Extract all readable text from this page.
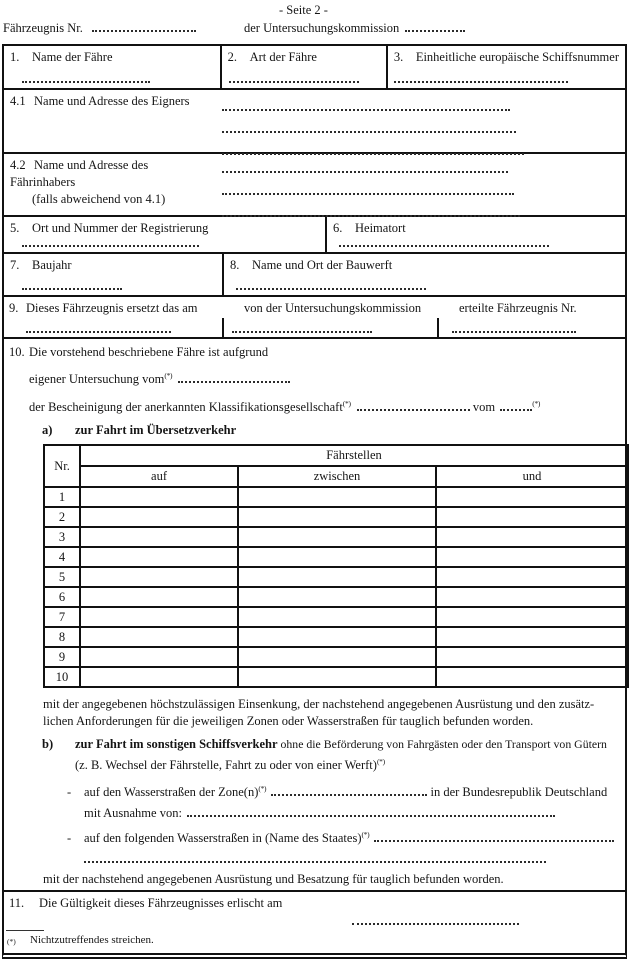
- Seite 2 -
Fährzeugnis Nr.	der Untersuchungskommission
1. Name der Fähre	2. Art der Fähre	3. Einheitliche europäische Schiffsnummer
4.1 Name und Adresse des Eigners
4.2 Name und Adresse des Fährinhabers
(falls abweichend von 4.1)
5. Ort und Nummer der Registrierung	6. Heimatort
7. Baujahr	8. Name und Ort der Bauwerft
9. Dieses Fährzeugnis ersetzt das am	von der Untersuchungskommission	erteilte Fährzeugnis Nr.
10. Die vorstehend beschriebene Fähre ist aufgrund
eigener Untersuchung vom(*)
der Bescheinigung der anerkannten Klassifikationsgesellschaft(*)	vom	(*)
a) zur Fahrt im Übersetzverkehr
Nr.	Fährstellen		
	auf	zwischen	und
1			
2			
3			
4			
5			
6			
7			
8			
9			
10			
mit der angegebenen höchstzulässigen Einsenkung, der nachstehend angegebenen Ausrüstung und den zusätz-
lichen Anforderungen für die jeweiligen Zonen oder Wasserstraßen für tauglich befunden worden.
b) zur Fahrt im sonstigen Schiffsverkehr ohne die Beförderung von Fahrgästen oder den Transport von Gütern
(z. B. Wechsel der Fährstelle, Fahrt zu oder von einer Werft)(*)
- auf den Wasserstraßen der Zone(n)(*)	in der Bundesrepublik Deutschland
mit Ausnahme von:
- auf den folgenden Wasserstraßen in (Name des Staates)(*)
mit der nachstehend angegebenen Ausrüstung und Besatzung für tauglich befunden worden.
11.	Die Gültigkeit dieses Fährzeugnisses erlischt am
(*)	Nichtzutreffendes streichen.
